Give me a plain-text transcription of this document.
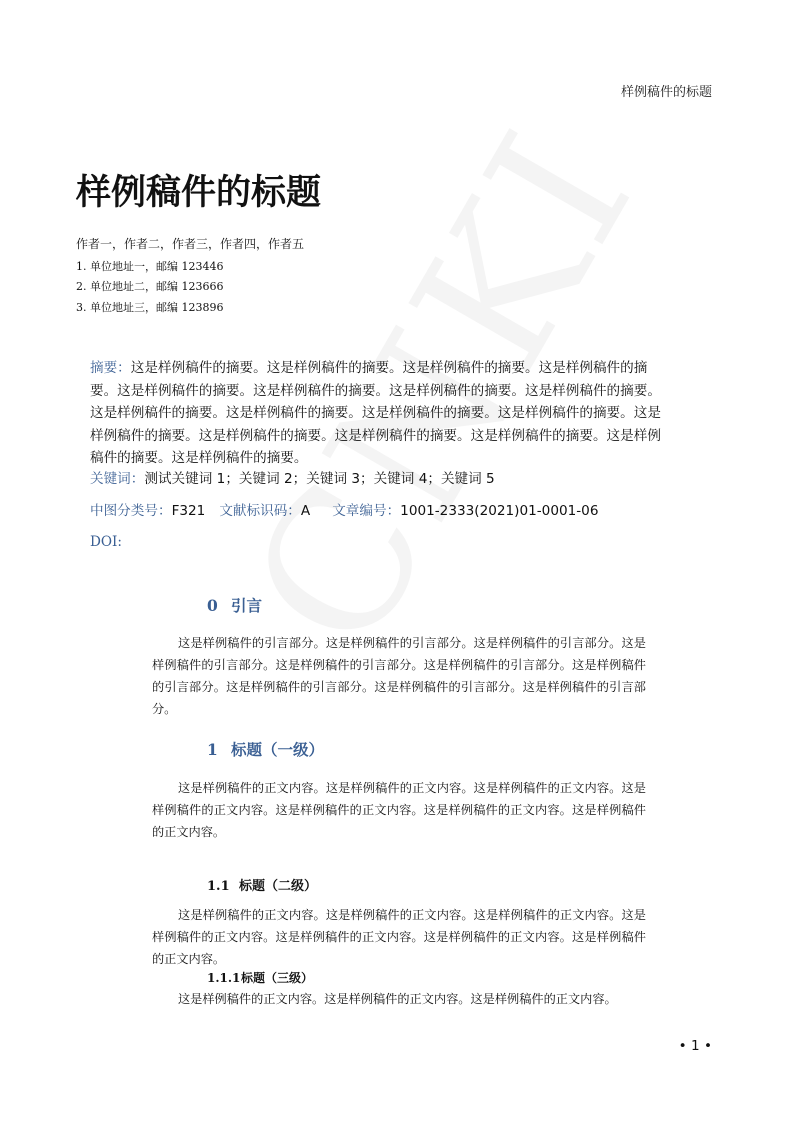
样例稿件的标题
样例稿件的标题
作者一，作者二，作者三，作者四，作者五
1. 单位地址一，邮编 123446
2. 单位地址二，邮编 123666
3. 单位地址三，邮编 123896
摘要：这是样例稿件的摘要。这是样例稿件的摘要。这是样例稿件的摘要。这是样例稿件的摘要。这是样例稿件的摘要。这是样例稿件的摘要。这是样例稿件的摘要。这是样例稿件的摘要。这是样例稿件的摘要。这是样例稿件的摘要。这是样例稿件的摘要。这是样例稿件的摘要。这是样例稿件的摘要。这是样例稿件的摘要。这是样例稿件的摘要。这是样例稿件的摘要。这是样例稿件的摘要。这是样例稿件的摘要。
关键词：测试关键词 1；关键词 2；关键词 3；关键词 4；关键词 5
中图分类号：F321 文献标识码：A 文章编号：1001-2333(2021)01-0001-06
DOI:
0 引言
这是样例稿件的引言部分。这是样例稿件的引言部分。这是样例稿件的引言部分。这是样例稿件的引言部分。这是样例稿件的引言部分。这是样例稿件的引言部分。这是样例稿件的引言部分。这是样例稿件的引言部分。这是样例稿件的引言部分。这是样例稿件的引言部分。
1 标题（一级）
这是样例稿件的正文内容。这是样例稿件的正文内容。这是样例稿件的正文内容。这是样例稿件的正文内容。这是样例稿件的正文内容。这是样例稿件的正文内容。这是样例稿件的正文内容。
1.1 标题（二级）
这是样例稿件的正文内容。这是样例稿件的正文内容。这是样例稿件的正文内容。这是样例稿件的正文内容。这是样例稿件的正文内容。这是样例稿件的正文内容。这是样例稿件的正文内容。
1.1.1标题（三级）
这是样例稿件的正文内容。这是样例稿件的正文内容。这是样例稿件的正文内容。
• 1 •
